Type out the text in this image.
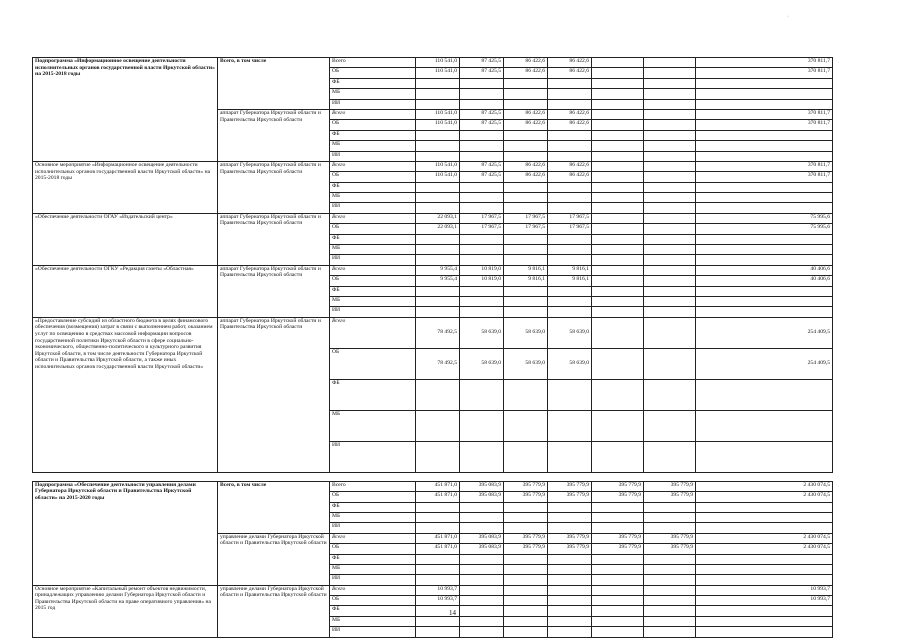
·
Подпрограмма «Информационное освещение деятельности исполнительных органов государственной власти Иркутской области» на 2015-2018 годы	Всего, в том числе	Всего	110 541,0	87 425,5	86 422,6	86 422,6			370 811,7
		ОБ	110 541,0	87 425,5	86 422,6	86 422,6			370 811,7
		ФБ							
		МБ							
		ИИ							
	аппарат Губернатора Иркутской области и Правительства Иркутской области	Всего	110 541,0	87 425,5	86 422,6	86 422,6			370 811,7
		ОБ	110 541,0	87 425,5	86 422,6	86 422,6			370 811,7
		ФБ							
		МБ							
		ИИ							
Основное мероприятие «Информационное освещение деятельности исполнительных органов государственной власти Иркутской области» на 2015-2018 годы	аппарат Губернатора Иркутской области и Правительства Иркутской области	Всего	110 541,0	87 425,5	86 422,6	86 422,6			370 811,7
		ОБ	110 541,0	87 425,5	86 422,6	86 422,6			370 811,7
		ФБ							
		МБ							
		ИИ							
«Обеспечение деятельности ОГАУ «Издательский центр»	аппарат Губернатора Иркутской области и Правительства Иркутской области	Всего	22 093,1	17 967,5	17 967,5	17 967,5			75 995,6
		ОБ	22 093,1	17 967,5	17 967,5	17 967,5			75 995,6
		ФБ							
		МБ							
		ИИ							
«Обеспечение деятельности ОГКУ «Редакция газеты «Областная»	аппарат Губернатора Иркутской области и Правительства Иркутской области	Всего	9 955,4	10 819,0	9 816,1	9 816,1			40 406,6
		ОБ	9 955,4	10 819,0	9 816,1	9 816,1			40 406,6
		ФБ							
		МБ							
		ИИ							
«Предоставление субсидий из областного бюджета в целях финансового обеспечения (возмещения) затрат в связи с выполнением работ, оказанием услуг по освещению в средствах массовой информации вопросов государственной политики Иркутской области в сфере социально-экономического, общественно-политического и культурного развития Иркутской области, в том числе деятельности Губернатора Иркутской области и Правительства Иркутской области, а также иных исполнительных органов государственной власти Иркутской области»	аппарат Губернатора Иркутской области и Правительства Иркутской области	Всего	78 492,5	58 639,0	58 639,0	58 639,0			254 409,5
		ОБ	78 492,5	58 639,0	58 639,0	58 639,0			254 409,5
		ФБ							
		МБ							
		ИИ							

Подпрограмма «Обеспечение деятельности управления делами Губернатора Иркутской области и Правительства Иркутской области» на 2015-2020 годы	Всего, в том числе	Всего	451 871,0	395 083,9	395 779,9	395 779,9	395 779,9	395 779,9	2 430 074,5
		ОБ	451 871,0	395 083,9	395 779,9	395 779,9	395 779,9	395 779,9	2 430 074,5
		ФБ							
		МБ							
		ИИ							
	управление делами Губернатора Иркутской области и Правительства Иркутской области	Всего	451 871,0	395 083,9	395 779,9	395 779,9	395 779,9	395 779,9	2 430 074,5
		ОБ	451 871,0	395 083,9	395 779,9	395 779,9	395 779,9	395 779,9	2 430 074,5
		ФБ							
		МБ							
		ИИ							
Основное мероприятие «Капитальный ремонт объектов недвижимости, принадлежащих управлению делами Губернатора Иркутской области и Правительства Иркутской области на праве оперативного управления» на 2015 год	управление делами Губернатора Иркутской области и Правительства Иркутской области	Всего	10 993,7						10 993,7
		ОБ	10 993,7						10 993,7
		ФБ							
		МБ							
		ИИ							
14
